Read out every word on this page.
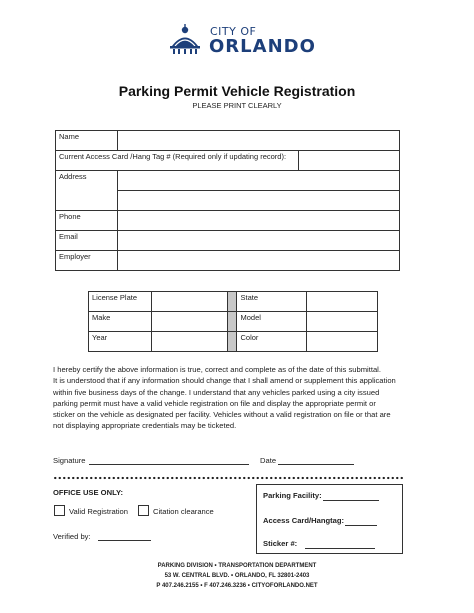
CITY OF
ORLANDO
Parking Permit Vehicle Registration
PLEASE PRINT CLEARLY
Name		
Current Access Card /Hang Tag # (Required only if updating record):		
Address		

Phone		
Email		
Employer		
License Plate			State	
Make			Model	
Year			Color	

I hereby certify the above information is true, correct and complete as of the date of this submittal.

It is understood that if any information should change that I shall amend or supplement this application

within five business days of the change. I understand that any vehicles parked using a city issued

parking permit must have a valid vehicle registration on file and display the appropriate permit or

sticker on the vehicle as designated per facility. Vehicles without a valid registration on file or that are

not displaying appropriate credentials may be ticketed.

Signature	Date
OFFICE USE ONLY:
Valid Registration	Citation clearance
Verified by:
Parking Facility:
Access Card/Hangtag:
Sticker #:
PARKING DIVISION • TRANSPORTATION DEPARTMENT
53 W. CENTRAL BLVD. • ORLANDO, FL 32801-2403
P 407.246.2155 • F 407.246.3236 • CITYOFORLANDO.NET
